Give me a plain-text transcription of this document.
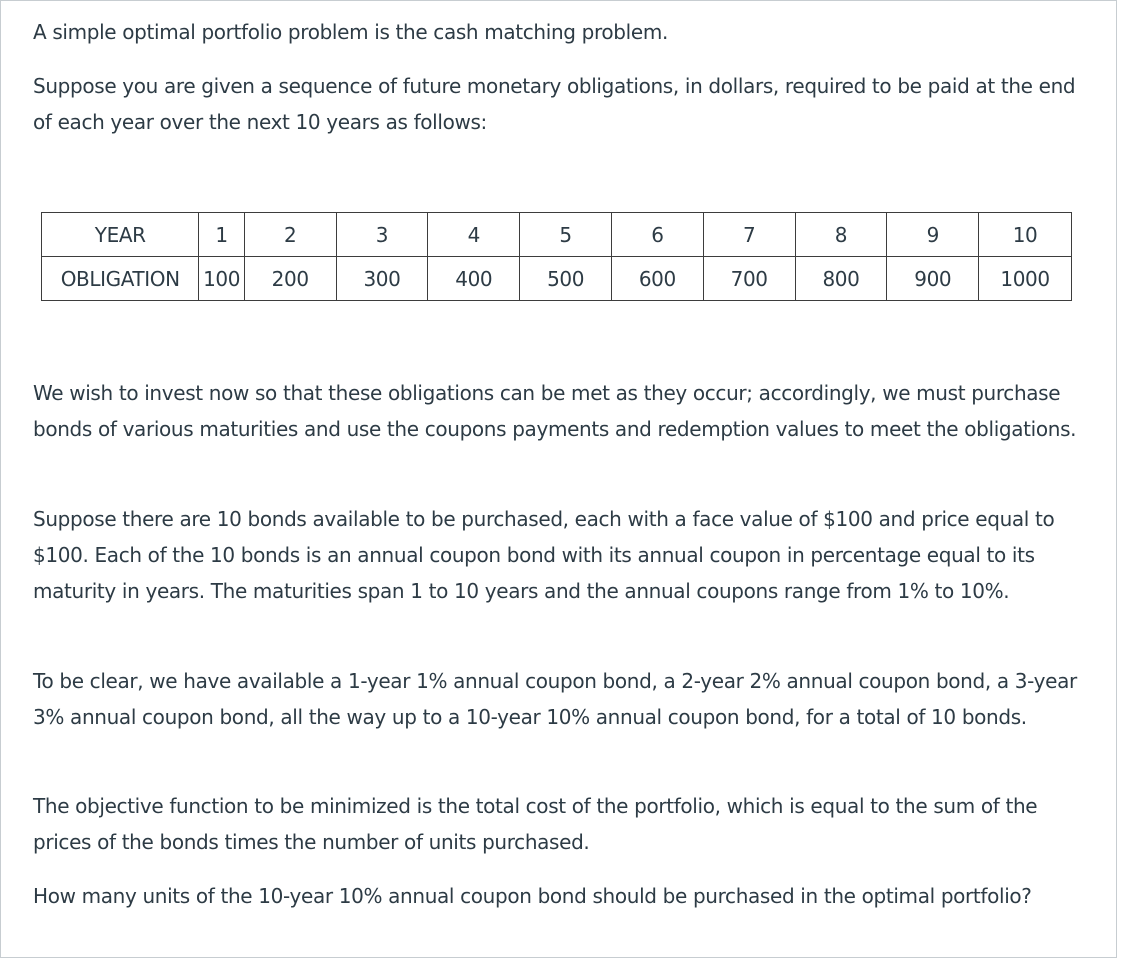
A simple optimal portfolio problem is the cash matching problem.

Suppose you are given a sequence of future monetary obligations, in dollars, required to be paid at the end of each year over the next 10 years as follows:

We wish to invest now so that these obligations can be met as they occur; accordingly, we must purchase bonds of various maturities and use the coupons payments and redemption values to meet the obligations.

Suppose there are 10 bonds available to be purchased, each with a face value of $100 and price equal to $100. Each of the 10 bonds is an annual coupon bond with its annual coupon in percentage equal to its maturity in years. The maturities span 1 to 10 years and the annual coupons range from 1% to 10%.

To be clear, we have available a 1-year 1% annual coupon bond, a 2-year 2% annual coupon bond, a 3-year 3% annual coupon bond, all the way up to a 10-year 10% annual coupon bond, for a total of 10 bonds.

The objective function to be minimized is the total cost of the portfolio, which is equal to the sum of the prices of the bonds times the number of units purchased.

How many units of the 10-year 10% annual coupon bond should be purchased in the optimal portfolio?

YEAR	1	2	3	4	5	6	7	8	9	10
OBLIGATION	100	200	300	400	500	600	700	800	900	1000
